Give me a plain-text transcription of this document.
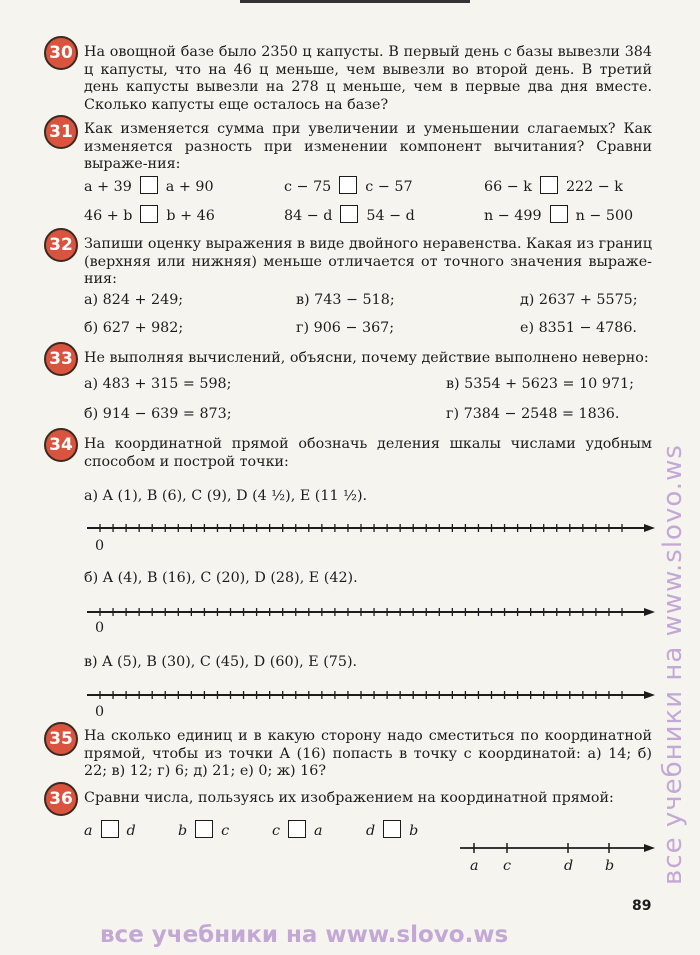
30 На овощной базе было 2350 ц капусты. В первый день с базы вывезли 384 ц капусты, что на 46 ц меньше, чем вывезли во второй день. В третий день капусты вывезли на 278 ц меньше, чем в первые два дня вместе. Сколько капусты еще осталось на базе?
31 Как изменяется сумма при увеличении и уменьшении слагаемых? Как изменяется разность при изменении компонент вычитания? Сравни выраже-ния:
a + 39 a + 90	c − 75 c − 57	66 − k 222 − k
46 + b b + 46	84 − d 54 − d	n − 499 n − 500
32 Запиши оценку выражения в виде двойного неравенства. Какая из границ (верхняя или нижняя) меньше отличается от точного значения выраже-ния:
а) 824 + 249;	в) 743 − 518;	д) 2637 + 5575;
б) 627 + 982;	г) 906 − 367;	е) 8351 − 4786.
33 Не выполняя вычислений, объясни, почему действие выполнено неверно:
а) 483 + 315 = 598;	в) 5354 + 5623 = 10 971;
б) 914 − 639 = 873;	г) 7384 − 2548 = 1836.
34 На координатной прямой обозначь деления шкалы числами удобным способом и построй точки:
а) A (1), B (6), C (9), D (4 ½), E (11 ½).
б) A (4), B (16), C (20), D (28), E (42).
в) A (5), B (30), C (45), D (60), E (75).
0
0
0
35 На сколько единиц и в какую сторону надо сместиться по координатной прямой, чтобы из точки A (16) попасть в точку с координатой: а) 14; б) 22; в) 12; г) 6; д) 21; е) 0; ж) 16?
36 Сравни числа, пользуясь их изображением на координатной прямой:
a d	b c	c a	d b
a c	d b
89
все учебники на www.slovo.ws
все учебники на www.slovo.ws
